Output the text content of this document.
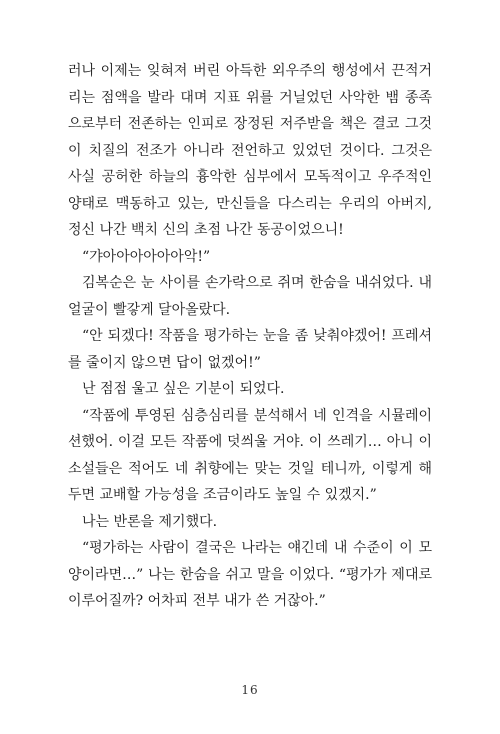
러나 이제는 잊혀져 버린 아득한 외우주의 행성에서 끈적거리는 점액을 발라 대며 지표 위를 거닐었던 사악한 뱀 종족으로부터 전존하는 인피로 장정된 저주받을 책은 결코 그것이 치질의 전조가 아니라 전언하고 있었던 것이다. 그것은 사실 공허한 하늘의 흉악한 심부에서 모독적이고 우주적인 양태로 맥동하고 있는, 만신들을 다스리는 우리의 아버지, 정신 나간 백치 신의 초점 나간 동공이었으니!

“갸아아아아아아악!”

김복순은 눈 사이를 손가락으로 쥐며 한숨을 내쉬었다. 내 얼굴이 빨갛게 달아올랐다.

“안 되겠다! 작품을 평가하는 눈을 좀 낮춰야겠어! 프레셔를 줄이지 않으면 답이 없겠어!”

난 점점 울고 싶은 기분이 되었다.

“작품에 투영된 심층심리를 분석해서 네 인격을 시뮬레이션했어. 이걸 모든 작품에 덧씌울 거야. 이 쓰레기… 아니 이 소설들은 적어도 네 취향에는 맞는 것일 테니까, 이렇게 해 두면 교배할 가능성을 조금이라도 높일 수 있겠지.”

나는 반론을 제기했다.

“평가하는 사람이 결국은 나라는 얘긴데 내 수준이 이 모양이라면…” 나는 한숨을 쉬고 말을 이었다. “평가가 제대로 이루어질까? 어차피 전부 내가 쓴 거잖아.”

16
